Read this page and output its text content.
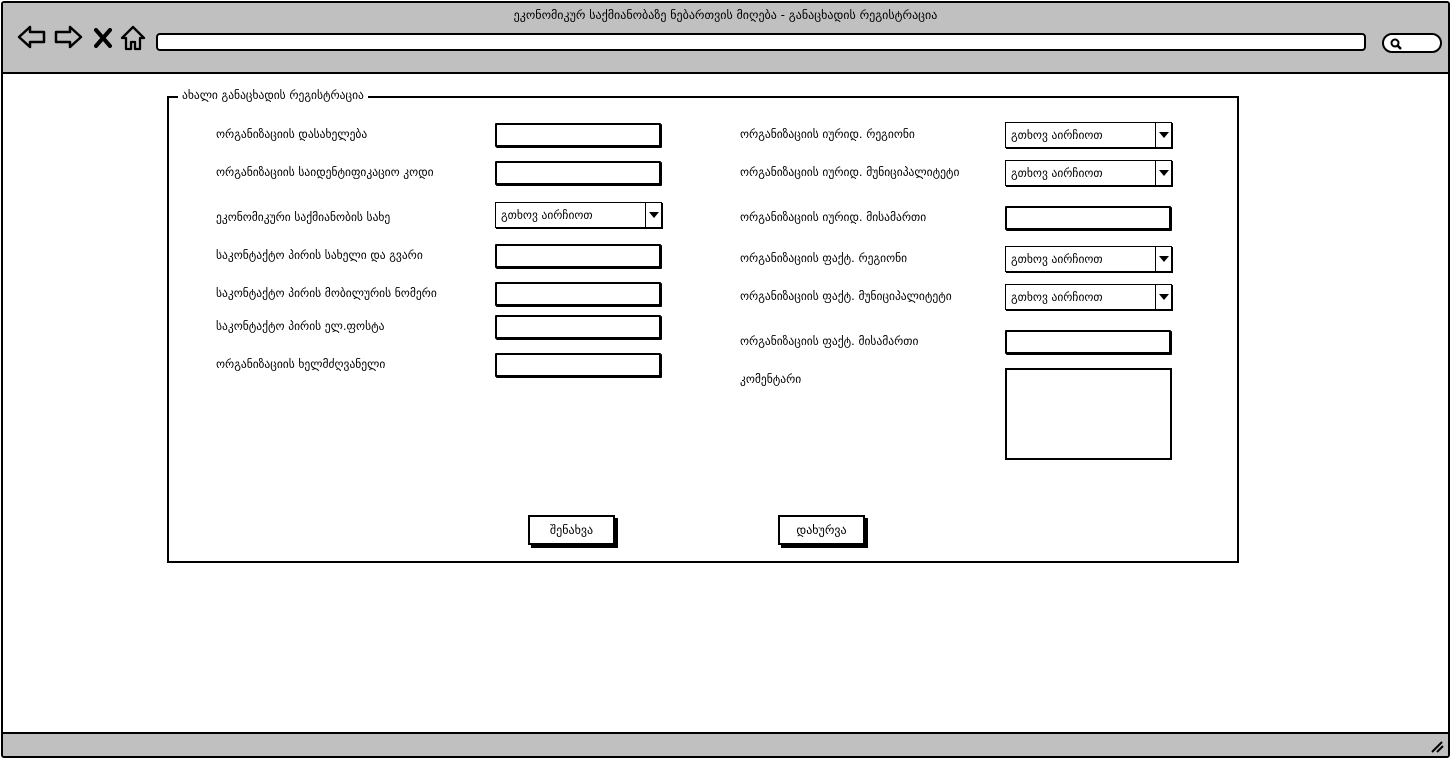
ეკონომიკურ საქმიანობაზე ნებართვის მიღება - განაცხადის რეგისტრაცია
ახალი განაცხადის რეგისტრაცია
ორგანიზაციის დასახელება
ორგანიზაციის საიდენტიფიკაციო კოდი
ეკონომიკური საქმიანობის სახე	გთხოვ აირჩიოთ
საკონტაქტო პირის სახელი და გვარი
საკონტაქტო პირის მობილურის ნომერი
საკონტაქტო პირის ელ.ფოსტა
ორგანიზაციის ხელმძღვანელი
ორგანიზაციის იურიდ. რეგიონი	გთხოვ აირჩიოთ
ორგანიზაციის იურიდ. მუნიციპალიტეტი	გთხოვ აირჩიოთ
ორგანიზაციის იურიდ. მისამართი
ორგანიზაციის ფაქტ. რეგიონი	გთხოვ აირჩიოთ
ორგანიზაციის ფაქტ. მუნიციპალიტეტი	გთხოვ აირჩიოთ
ორგანიზაციის ფაქტ. მისამართი
კომენტარი
შენახვა	დახურვა
